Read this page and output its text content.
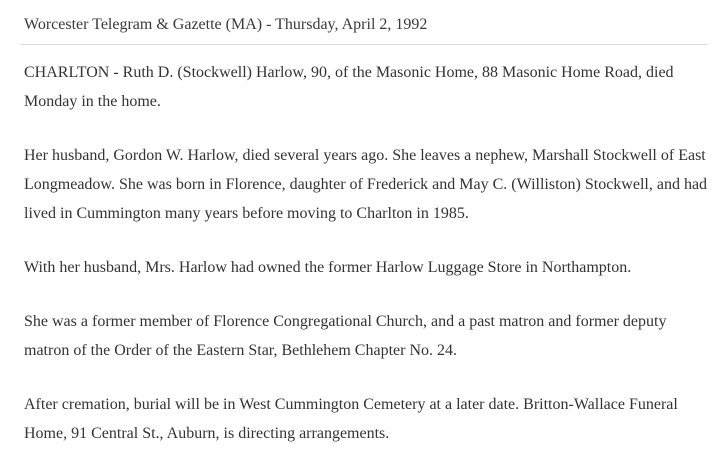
Worcester Telegram & Gazette (MA) - Thursday, April 2, 1992

CHARLTON - Ruth D. (Stockwell) Harlow, 90, of the Masonic Home, 88 Masonic Home Road, died Monday in the home.

Her husband, Gordon W. Harlow, died several years ago. She leaves a nephew, Marshall Stockwell of East Longmeadow. She was born in Florence, daughter of Frederick and May C. (Williston) Stockwell, and had lived in Cummington many years before moving to Charlton in 1985.

With her husband, Mrs. Harlow had owned the former Harlow Luggage Store in Northampton.

She was a former member of Florence Congregational Church, and a past matron and former deputy matron of the Order of the Eastern Star, Bethlehem Chapter No. 24.

After cremation, burial will be in West Cummington Cemetery at a later date. Britton-Wallace Funeral Home, 91 Central St., Auburn, is directing arrangements.
